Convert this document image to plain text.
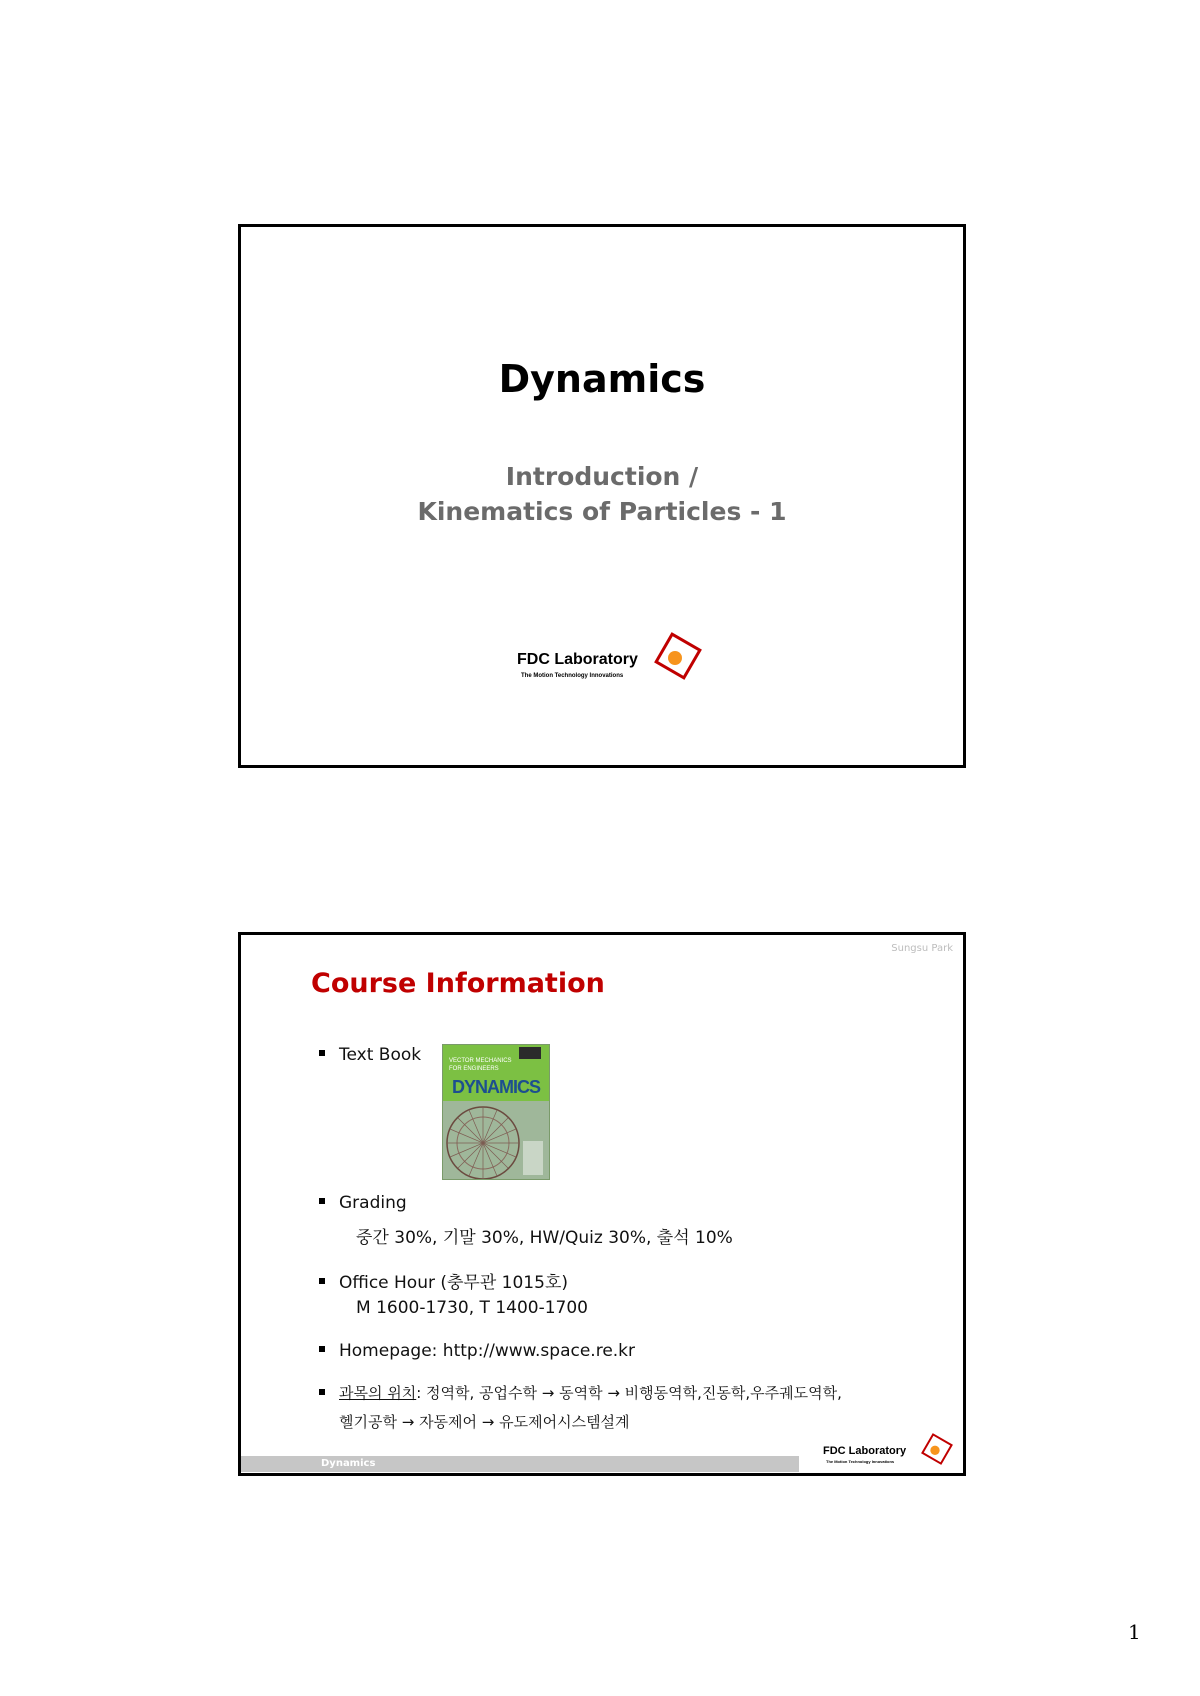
Dynamics
Introduction /
Kinematics of Particles - 1
FDC Laboratory
The Motion Technology Innovations
Sungsu Park
Course Information
Text Book	VECTOR MECHANICS
FOR ENGINEERS
DYNAMICS
Grading
중간 30%, 기말 30%, HW/Quiz 30%, 출석 10%
Office Hour (충무관 1015호)
M 1600-1730, T 1400-1700
Homepage: http://www.space.re.kr
과목의 위치: 정역학, 공업수학 → 동역학 → 비행동역학,진동학,우주궤도역학,
헬기공학 → 자동제어 → 유도제어시스템설계
Dynamics
FDC Laboratory
The Motion Technology Innovations
1
